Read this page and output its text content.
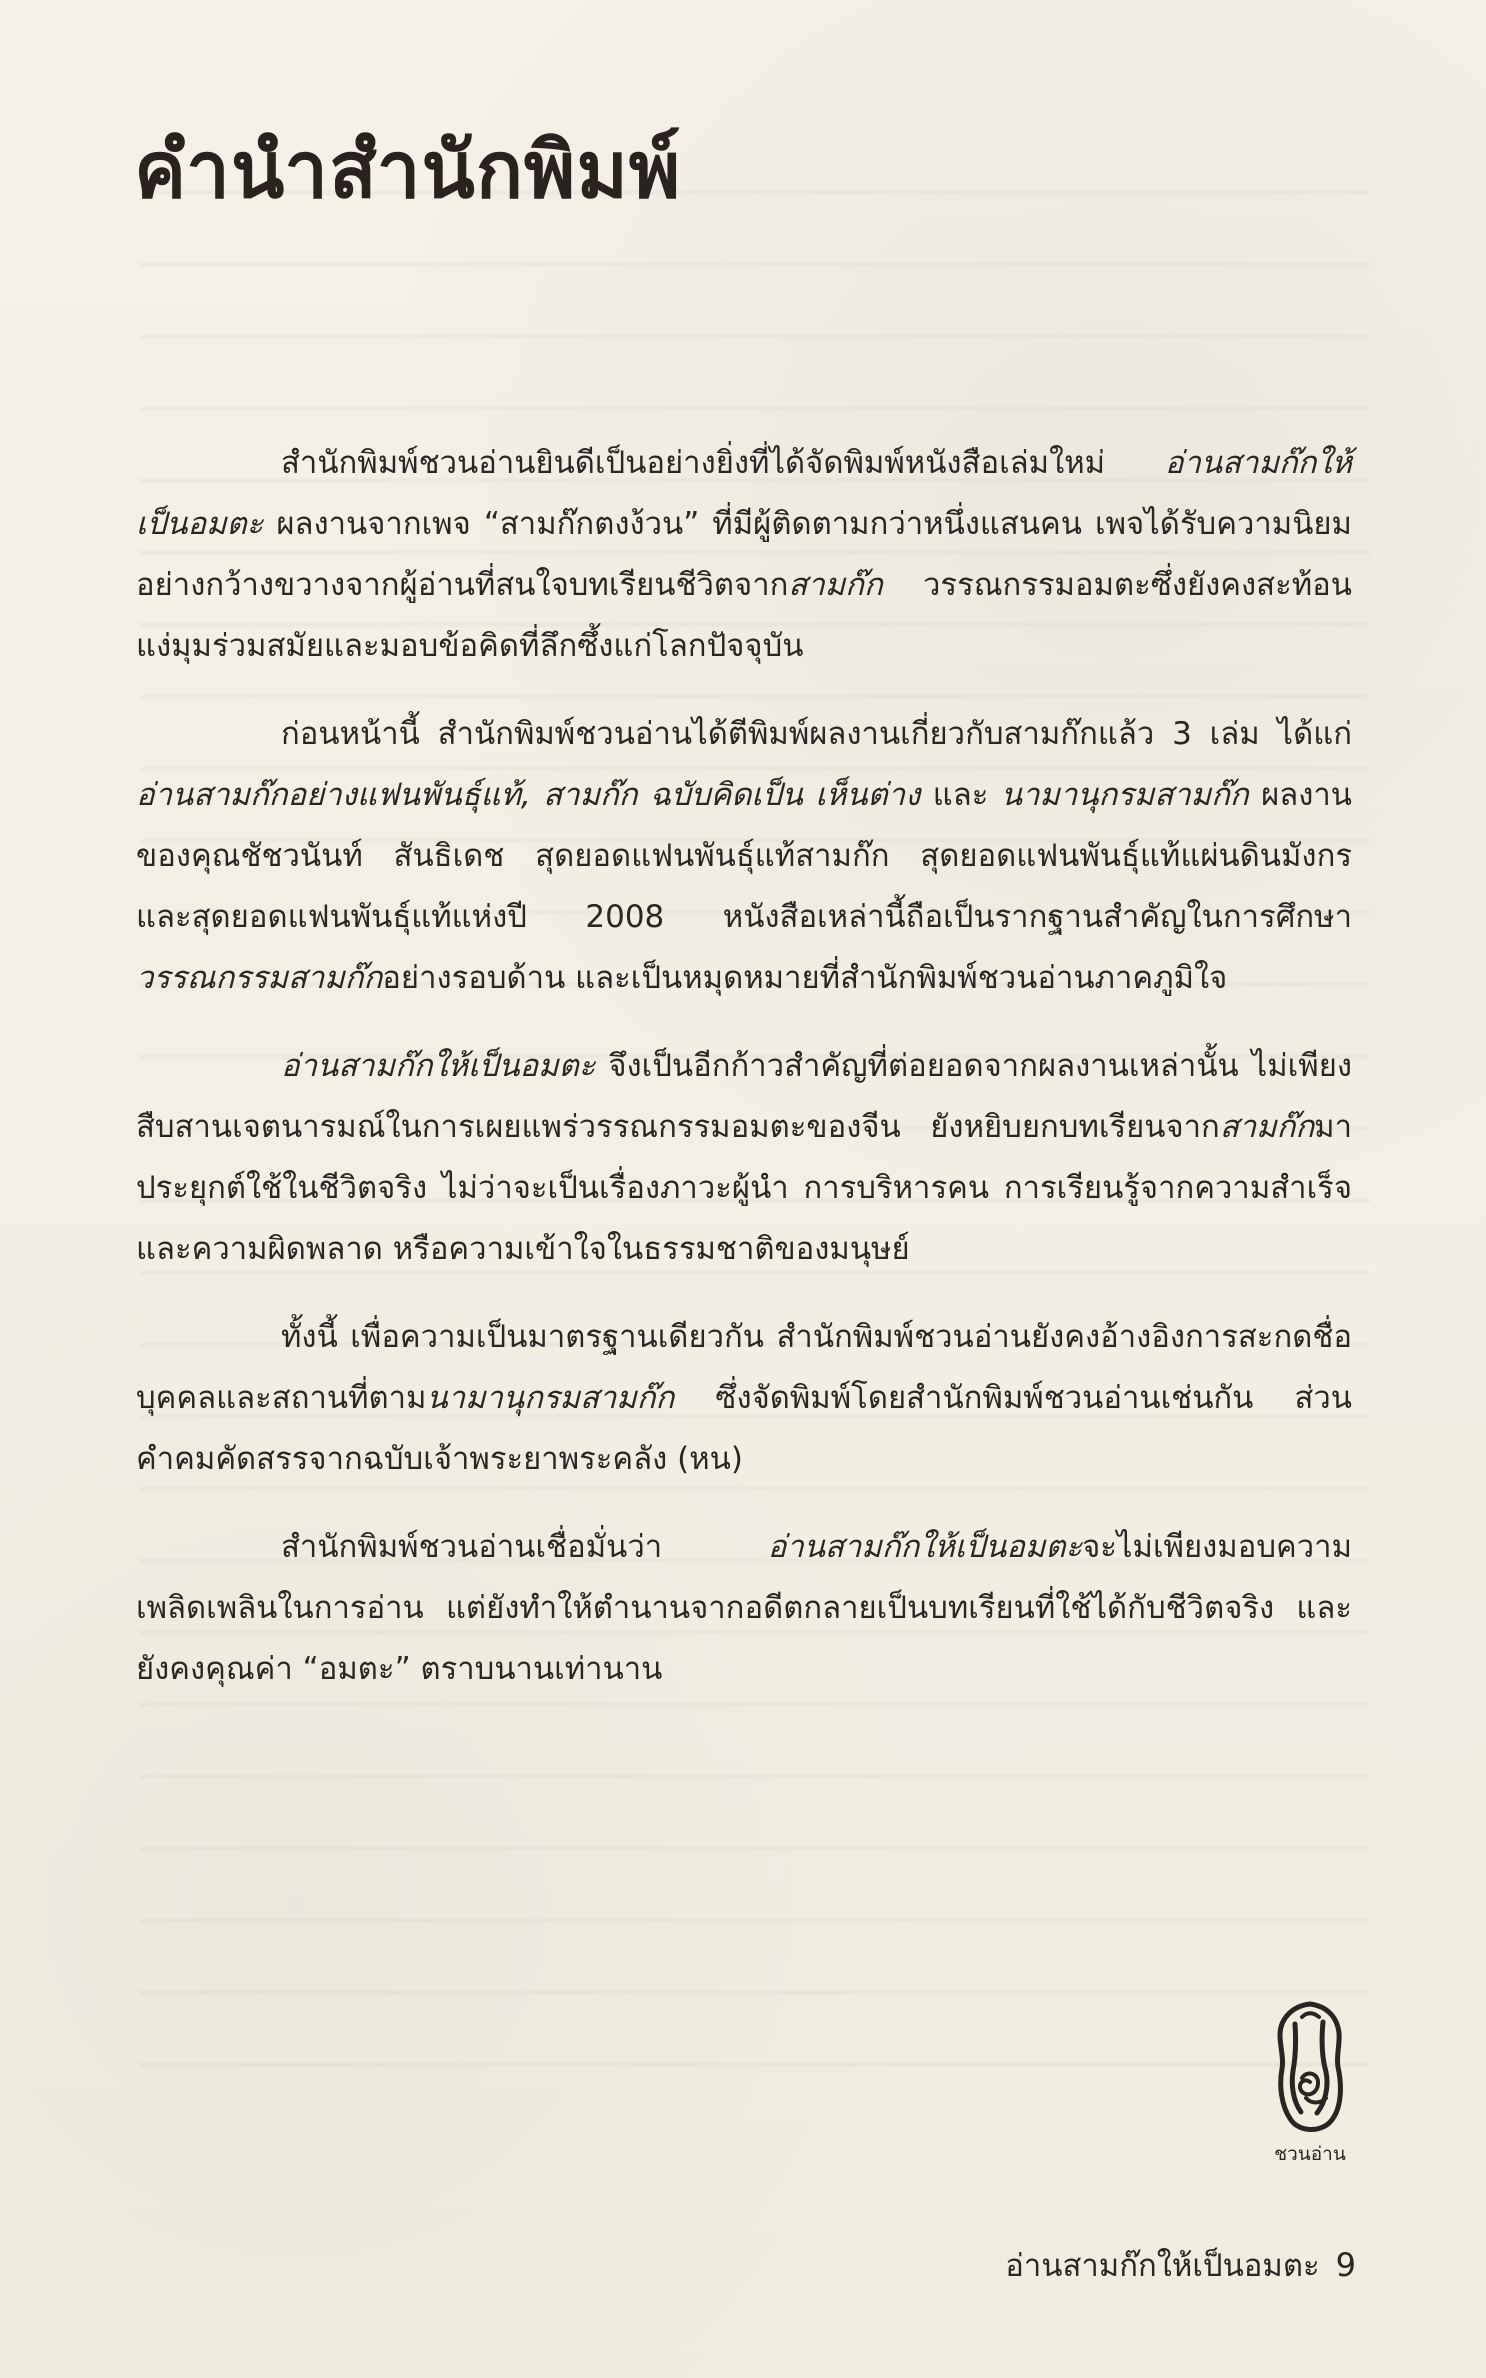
คำนำสำนักพิมพ์

สำนักพิมพ์ชวนอ่านยินดีเป็นอย่างยิ่งที่ได้จัดพิมพ์หนังสือเล่มใหม่ อ่านสามก๊กให้เป็นอมตะ ผลงานจากเพจ “สามก๊กตงง้วน” ที่มีผู้ติดตามกว่าหนึ่งแสนคน เพจได้รับความนิยมอย่างกว้างขวางจากผู้อ่านที่สนใจบทเรียนชีวิตจากสามก๊ก วรรณกรรมอมตะซึ่งยังคงสะท้อนแง่มุมร่วมสมัยและมอบข้อคิดที่ลึกซึ้งแก่โลกปัจจุบัน

ก่อนหน้านี้ สำนักพิมพ์ชวนอ่านได้ตีพิมพ์ผลงานเกี่ยวกับสามก๊กแล้ว 3 เล่ม ได้แก่ อ่านสามก๊กอย่างแฟนพันธุ์แท้, สามก๊ก ฉบับคิดเป็น เห็นต่าง และ นามานุกรมสามก๊ก ผลงานของคุณชัชวนันท์ สันธิเดช สุดยอดแฟนพันธุ์แท้สามก๊ก สุดยอดแฟนพันธุ์แท้แผ่นดินมังกร และสุดยอดแฟนพันธุ์แท้แห่งปี 2008 หนังสือเหล่านี้ถือเป็นรากฐานสำคัญในการศึกษาวรรณกรรมสามก๊กอย่างรอบด้าน และเป็นหมุดหมายที่สำนักพิมพ์ชวนอ่านภาคภูมิใจ

อ่านสามก๊กให้เป็นอมตะ จึงเป็นอีกก้าวสำคัญที่ต่อยอดจากผลงานเหล่านั้น ไม่เพียงสืบสานเจตนารมณ์ในการเผยแพร่วรรณกรรมอมตะของจีน ยังหยิบยกบทเรียนจากสามก๊กมาประยุกต์ใช้ในชีวิตจริง ไม่ว่าจะเป็นเรื่องภาวะผู้นำ การบริหารคน การเรียนรู้จากความสำเร็จและความผิดพลาด หรือความเข้าใจในธรรมชาติของมนุษย์

ทั้งนี้ เพื่อความเป็นมาตรฐานเดียวกัน สำนักพิมพ์ชวนอ่านยังคงอ้างอิงการสะกดชื่อบุคคลและสถานที่ตามนามานุกรมสามก๊ก ซึ่งจัดพิมพ์โดยสำนักพิมพ์ชวนอ่านเช่นกัน ส่วนคำคมคัดสรรจากฉบับเจ้าพระยาพระคลัง (หน)

สำนักพิมพ์ชวนอ่านเชื่อมั่นว่า อ่านสามก๊กให้เป็นอมตะจะไม่เพียงมอบความเพลิดเพลินในการอ่าน แต่ยังทำให้ตำนานจากอดีตกลายเป็นบทเรียนที่ใช้ได้กับชีวิตจริง และยังคงคุณค่า “อมตะ” ตราบนานเท่านาน

ชวนอ่าน
อ่านสามก๊กให้เป็นอมตะ 9
